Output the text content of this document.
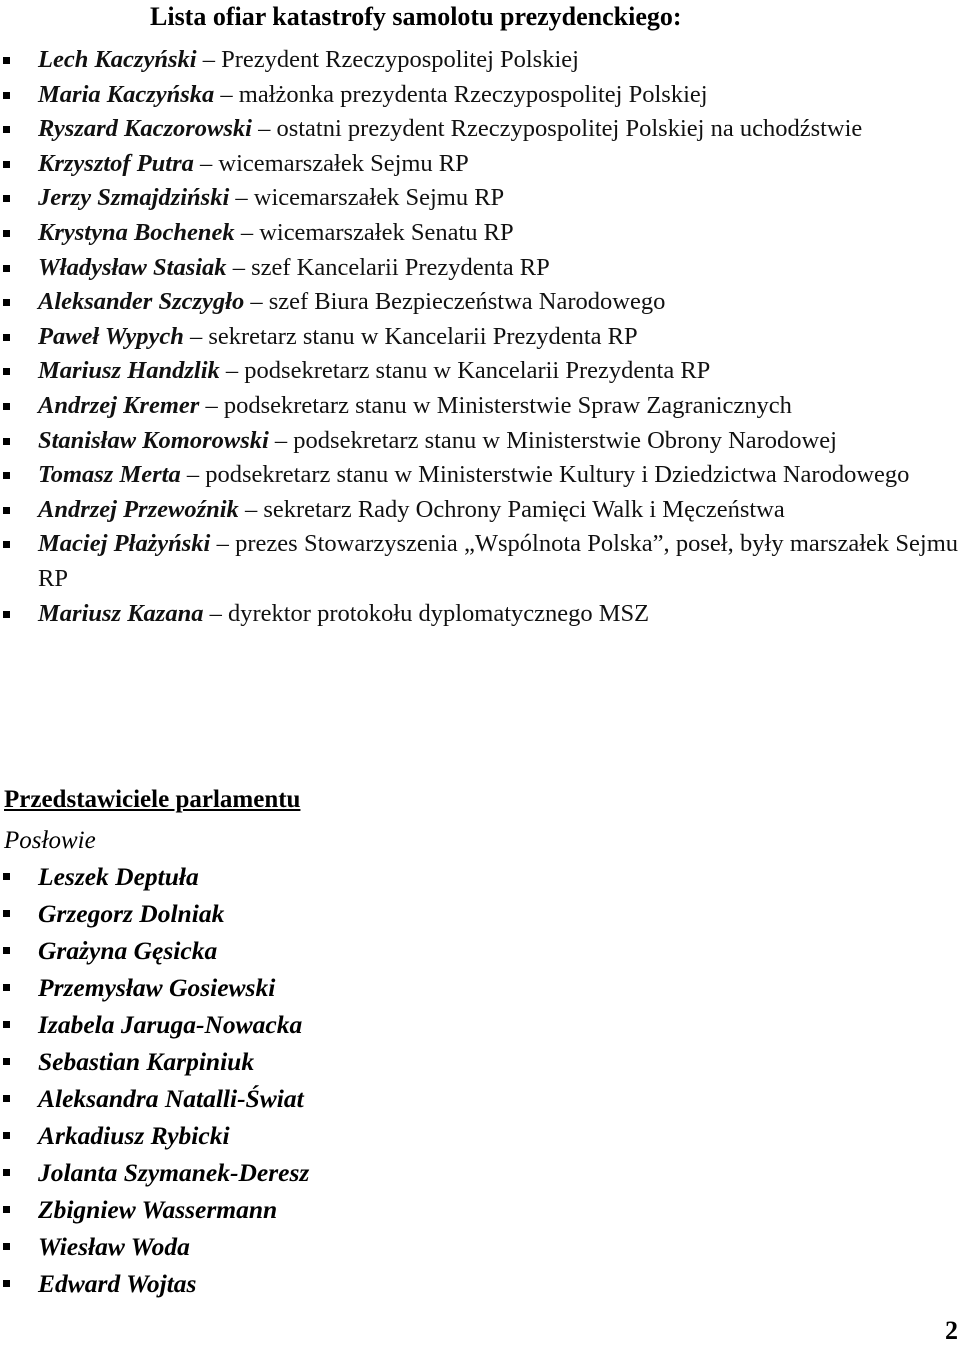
Lista ofiar katastrofy samolotu prezydenckiego:
Lech Kaczyński – Prezydent Rzeczypospolitej Polskiej
Maria Kaczyńska – małżonka prezydenta Rzeczypospolitej Polskiej
Ryszard Kaczorowski – ostatni prezydent Rzeczypospolitej Polskiej na uchodźstwie
Krzysztof Putra – wicemarszałek Sejmu RP
Jerzy Szmajdziński – wicemarszałek Sejmu RP
Krystyna Bochenek – wicemarszałek Senatu RP
Władysław Stasiak – szef Kancelarii Prezydenta RP
Aleksander Szczygło – szef Biura Bezpieczeństwa Narodowego
Paweł Wypych – sekretarz stanu w Kancelarii Prezydenta RP
Mariusz Handzlik – podsekretarz stanu w Kancelarii Prezydenta RP
Andrzej Kremer – podsekretarz stanu w Ministerstwie Spraw Zagranicznych
Stanisław Komorowski – podsekretarz stanu w Ministerstwie Obrony Narodowej
Tomasz Merta – podsekretarz stanu w Ministerstwie Kultury i Dziedzictwa Narodowego
Andrzej Przewoźnik – sekretarz Rady Ochrony Pamięci Walk i Męczeństwa
Maciej Płażyński – prezes Stowarzyszenia „Wspólnota Polska”, poseł, były marszałek Sejmu RP
Mariusz Kazana – dyrektor protokołu dyplomatycznego MSZ
Przedstawiciele parlamentu
Posłowie
Leszek Deptuła
Grzegorz Dolniak
Grażyna Gęsicka
Przemysław Gosiewski
Izabela Jaruga-Nowacka
Sebastian Karpiniuk
Aleksandra Natalli-Świat
Arkadiusz Rybicki
Jolanta Szymanek-Deresz
Zbigniew Wassermann
Wiesław Woda
Edward Wojtas
2
